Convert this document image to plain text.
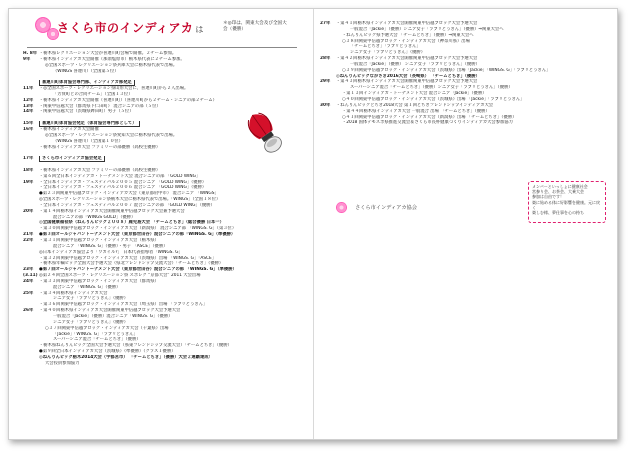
さくら市のインディアカ は
＊◎印は、関東大会及び全国大会（優勝）
H. 8年 ・栃木県レクリエーション大会が喜連川町会場で開催。２チーム参加。
9年	・栃木県インディアカ大会開催（那須塩原市）栃木県代表に２チーム参加。
◎全国スポーツ・レクリエーション祭兵庫大会に栃木県代表で出場。
（WINGS 喜連川）（全国第５位）
喜連川町体育協会専門部、インディアカ部発足
11年	・◎全国スポーツ・レクリエーション祭山形大会に、喜連川町から２人出場。
「芳賀町との合同チーム」（全国１３位）
12年	・栃木県インディアカ大会開催（喜連川町）（喜連川町から２チーム・シニアの部２チーム）
13年	・関東甲信越大会（群馬県下仁田町） 混合シニアの部（５位）
14年	・関東甲信越大会（茨城県鉾田町）男子（５位）
15年	喜連川町体育協会発足（体育協会専門部として）
16年	・栃木県インディアカ大会開催
◎全国スポーツ・レクリエーション祭愛知大会に栃木県代表で出場。
（WINGS 喜連川）（全国第１０位）
・栃木県インディアカ大会 ファミリーの部優勝（高校生優勝）
17年	さくら市インディアカ協会発足
18年	・栃木県インディアカ大会 ファミリーの部優勝（高校生優勝）
・第６回全日本インディアカ・トーナメント大会 混合シニアの部 「GOLD WING」
19年	・全日本インディアカ・フェスティバル２００５ 混合シニア 「GOLD WING」（優勝）
・全日本インディアカ・フェスティバル２００６ 混合シニア 「GOLD WING」（優勝）
●第２３回関東甲信越ブロック・インディアカ大会（東京都府中市） 混合シニア 「WINGS」
◎全国スポーツ・レクリエーション祭栃木大会に栃木県代表で出場。「WINGS」（全国１８位）
・全日本インディアカ・フェスティバル２００７ 混合シニアの部 「GOLD WING」（優勝）
20年	・第１４回栃木県インディアカ大会開催関東甲信越ブロック大会兼予選大会
混合シニアの部「WINGS GOLD」（優勝）
◎全国健康福祉祭（ねんりんピック２００８）鹿児島大会 「チームとちぎ」（総合優勝 日本一）
・第３０回関東甲信越ブロック・インディアカ大会（新潟県） 混合シニア部 「WINGS. G」（第３位）
21年	●第３回オールジャパントーナメント大会（東京都世田谷）混合シニアの部「WINGS. G」（準優勝）
22年	・第３１回関東甲信越ブロック・インディアカ大会（栃木県）
混合シニア 「WINGS. G」（優勝）・男子 「ASCE」（優勝）
◎日本インディアカ協会より「ワカイル?」 日本代表指導者「WINGS. G」
・第３２回関東甲信越ブロック・インディアカ大会（茨城県）出場 「WINGS. G」「ASCE」
・栃木県年輪ピック全国大会予選大会（県北フレンドシップ交流大会）「チームとちぎ」（優勝）
23年	●第７回オールジャパントーナメント大会（東京都世田谷）混合シニアの部 「WINGS. G」（準優勝）
(3.11) ◎第２４回全国スポーツ・レクリエーション祭 スポレク “京都大会” 2011 大会出場
24年	・第３３回関東甲信越ブロック・インディアカ大会（群馬県）
混合シニア 「WINGS. G」（優勝）
25年	・第３４回栃木県インディアカ大会
シニア女子「ラブリどうきん」（優勝）
・第３６回関東甲信越ブロック・インディアカ大会（埼玉県）出場 「ラブリどうきん」
26年	・第４０回栃木県インディアカ大会開催関東甲信越ブロック大会予選大会
一般混合「Jackie」（優勝）混合シニア「WINGS. G」（優勝）
シニア女子「ラブリどうきん」（優勝）
○３７回関東甲信越ブロック・インディアカ大会（千葉県）出場
「Jackie」「WINGS. G」「ラブリどうきん」
スーパーシニア混合「チームとちぎ」（優勝）
・栃木県ねんりんピック全国大会予選大会（県東フレンドシップ交流大会）「チームとちぎ」（優勝）
●第９回全日本インディアカ大会（茨城県）（準優勝）（クラス１優勝）
◎ねんりんピック栃木2014大会（宇都宮市） 「チームとちぎ」（優勝）大会２連覇達成！
大会役員参加協力
27年	・第４１回栃木県インディアカ大会開催関東甲信越ブロック大会予選大会
一般混合「Jackie」（優勝）シニア女子「ラブリどうきん」（優勝）⇒関東大会へ
・ねんりんピック県予選大会 「チームとちぎ」（優勝）⇒関東大会へ
○３８回関東甲信越ブロック・インディアカ大会（神奈川県）出場
「チームとちぎ」「ラブリどうきん」
シニア女子「ラブリどうきん」（優勝）
28年	・第４２回栃木県インディアカ大会開催関東甲信越ブロック大会予選大会
一般混合「Jackie」（優勝） シニア女子「ラブリどうきん」（優勝）
○３９回関東甲信越ブロック・インディアカ大会（茨城県）出場「Jackie」「WINGS. G」「ラブリどうきん」
◎ねんりんピックながさき2016大会（長崎県） 「チームとちぎ」（優勝）
29年	・第４３回栃木県インディアカ大会開催関東甲信越ブロック大会予選大会
スーパーシニア混合「チームとちぎ」（優勝）シニア女子「ラブリどうきん」（優勝）
・第１３回インディアカ・トーナメント大会 混合シニア「Jackie」（優勝）
○４０回関東甲信越ブロック・インディアカ大会（茨城県）出場 「Jackie」「ラブリどうきん」
30年	・ねんりんピックとちぎ2018大会 第１回とちぎフレンドシップインディアカ大会
・第４４回栃木県インディアカ大会 一般混合 出場 「チームとちぎ」（優勝）
○４１回関東甲信越ブロック・インディアカ大会（新潟県）出場 「チームとちぎ」（優勝）
・2018 国体デモスポ県推進交流会＆さくら市長杯健康づくりインディアカ大会参加協力
メンバーといっしょに健康社会
宮参り会、お茶会、大乗大会
参加は自由です！
楽に始める体に好影響を健康。元に戻く
楽しむ様、夢仕事を心の持ち
さくら市インディアカ協会
